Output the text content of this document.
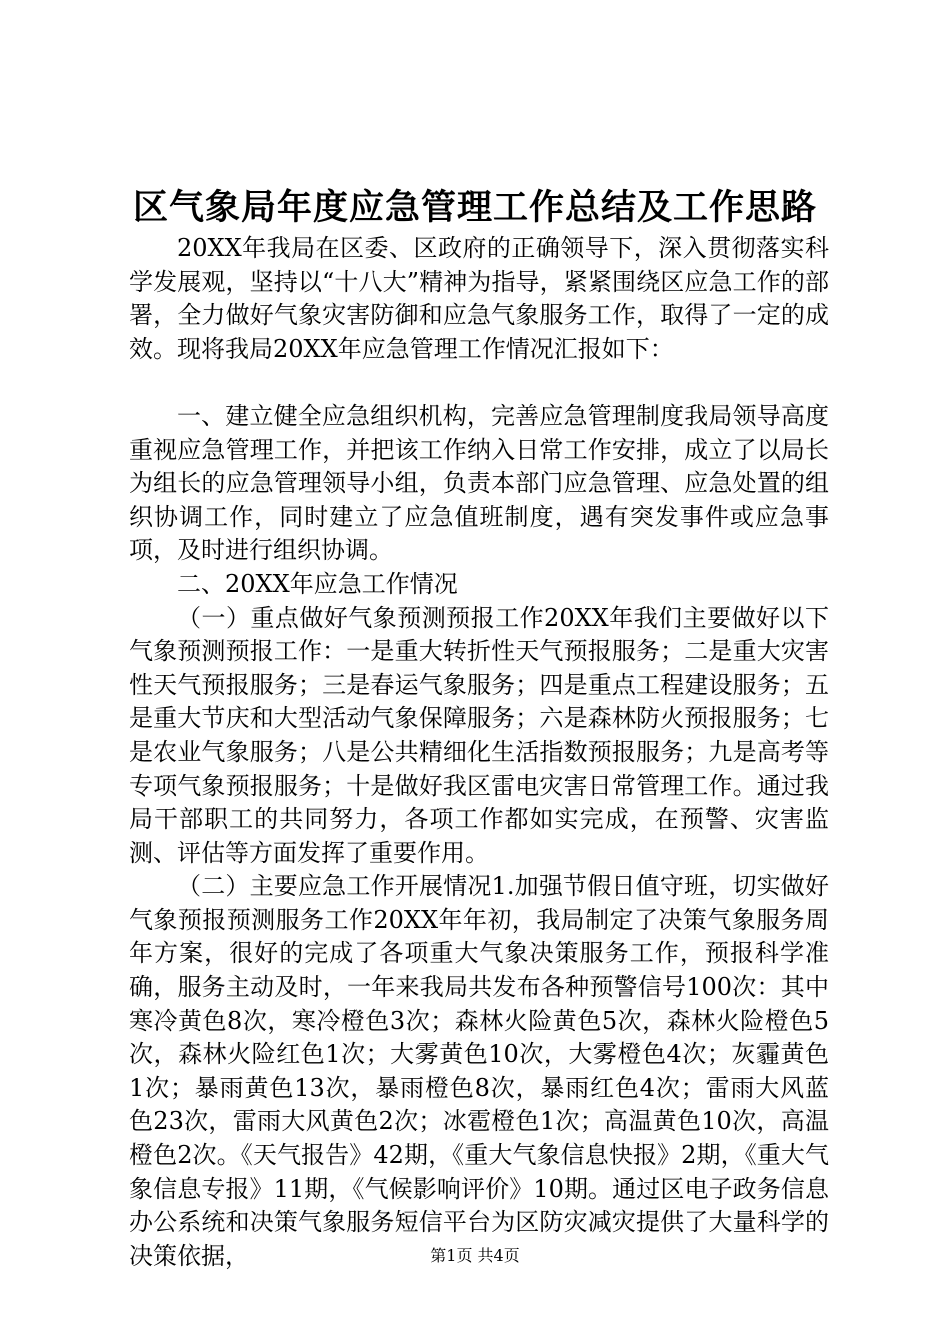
区气象局年度应急管理工作总结及工作思路

20XX年我局在区委、区政府的正确领导下，深入贯彻落实科学发展观，坚持以“十八大”精神为指导，紧紧围绕区应急工作的部署，全力做好气象灾害防御和应急气象服务工作，取得了一定的成效。现将我局20XX年应急管理工作情况汇报如下：

一、建立健全应急组织机构，完善应急管理制度我局领导高度重视应急管理工作，并把该工作纳入日常工作安排，成立了以局长为组长的应急管理领导小组，负责本部门应急管理、应急处置的组织协调工作，同时建立了应急值班制度，遇有突发事件或应急事项，及时进行组织协调。

二、20XX年应急工作情况

（一）重点做好气象预测预报工作20XX年我们主要做好以下气象预测预报工作：一是重大转折性天气预报服务；二是重大灾害性天气预报服务；三是春运气象服务；四是重点工程建设服务；五是重大节庆和大型活动气象保障服务；六是森林防火预报服务；七是农业气象服务；八是公共精细化生活指数预报服务；九是高考等专项气象预报服务；十是做好我区雷电灾害日常管理工作。通过我局干部职工的共同努力，各项工作都如实完成，在预警、灾害监测、评估等方面发挥了重要作用。

（二）主要应急工作开展情况1.加强节假日值守班，切实做好气象预报预测服务工作20XX年年初，我局制定了决策气象服务周年方案，很好的完成了各项重大气象决策服务工作，预报科学准确，服务主动及时，一年来我局共发布各种预警信号100次：其中寒冷黄色8次，寒冷橙色3次；森林火险黄色5次，森林火险橙色5次，森林火险红色1次；大雾黄色10次，大雾橙色4次；灰霾黄色1次；暴雨黄色13次，暴雨橙色8次，暴雨红色4次；雷雨大风蓝色23次，雷雨大风黄色2次；冰雹橙色1次；高温黄色10次，高温橙色2次。《天气报告》42期，《重大气象信息快报》2期，《重大气象信息专报》11期，《气候影响评价》10期。通过区电子政务信息办公系统和决策气象服务短信平台为区防灾减灾提供了大量科学的决策依据，	第1页 共4页
